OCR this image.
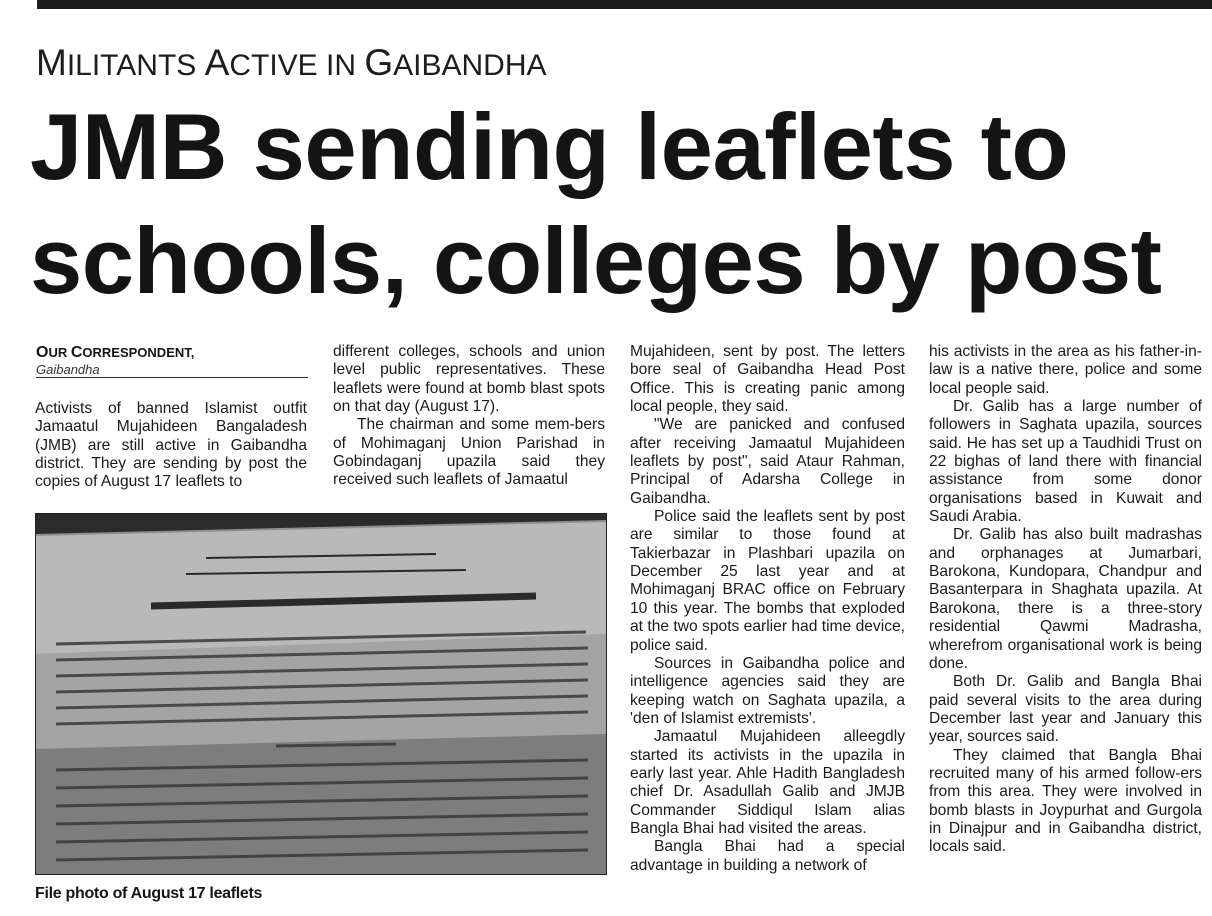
MILITANTS ACTIVE IN GAIBANDHA
JMB sending leaflets to
schools, colleges by post
OUR CORRESPONDENT,
Gaibandha

Activists of banned Islamist outfit Jamaatul Mujahideen Bangaladesh (JMB) are still active in Gaibandha district. They are sending by post the copies of August 17 leaflets to

File photo of August 17 leaflets

different colleges, schools and union level public representatives. These leaflets were found at bomb blast spots on that day (August 17).

The chairman and some mem-bers of Mohimaganj Union Parishad in Gobindaganj upazila said they received such leaflets of Jamaatul

Mujahideen, sent by post. The letters bore seal of Gaibandha Head Post Office. This is creating panic among local people, they said.

"We are panicked and confused after receiving Jamaatul Mujahideen leaflets by post", said Ataur Rahman, Principal of Adarsha College in Gaibandha.

Police said the leaflets sent by post are similar to those found at Takierbazar in Plashbari upazila on December 25 last year and at Mohimaganj BRAC office on February 10 this year. The bombs that exploded at the two spots earlier had time device, police said.

Sources in Gaibandha police and intelligence agencies said they are keeping watch on Saghata upazila, a 'den of Islamist extremists'.

Jamaatul Mujahideen alleegdly started its activists in the upazila in early last year. Ahle Hadith Bangladesh chief Dr. Asadullah Galib and JMJB Commander Siddiqul Islam alias Bangla Bhai had visited the areas.

Bangla Bhai had a special advantage in building a network of

his activists in the area as his father-in-law is a native there, police and some local people said.

Dr. Galib has a large number of followers in Saghata upazila, sources said. He has set up a Taudhidi Trust on 22 bighas of land there with financial assistance from some donor organisations based in Kuwait and Saudi Arabia.

Dr. Galib has also built madrashas and orphanages at Jumarbari, Barokona, Kundopara, Chandpur and Basanterpara in Shaghata upazila. At Barokona, there is a three-story residential Qawmi Madrasha, wherefrom organisational work is being done.

Both Dr. Galib and Bangla Bhai paid several visits to the area during December last year and January this year, sources said.

They claimed that Bangla Bhai recruited many of his armed follow-ers from this area. They were involved in bomb blasts in Joypurhat and Gurgola in Dinajpur and in Gaibandha district, locals said.
